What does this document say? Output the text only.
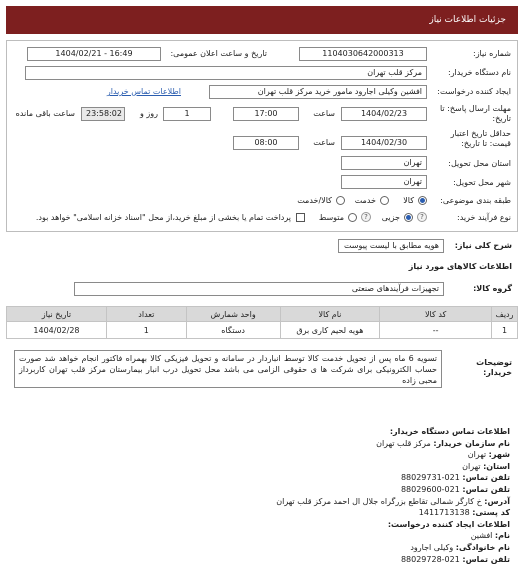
جزئیات اطلاعات نیاز
شماره نیاز:
1104030642000313
تاریخ و ساعت اعلان عمومی:
1404/02/21 - 16:49
نام دستگاه خریدار:
مرکز قلب تهران
ایجاد کننده درخواست:
افشین وکیلی اجارود مامور خرید مرکز قلب تهران
اطلاعات تماس خریدار
مهلت ارسال پاسخ: تا تاریخ:
1404/02/23
ساعت
17:00
1
روز و
23:58:02
ساعت باقی مانده
حداقل تاریخ اعتبار قیمت: تا تاریخ:
1404/02/30
ساعت
08:00
استان محل تحویل:
تهران
شهر محل تحویل:
تهران
طبقه بندی موضوعی:
کالا
خدمت
کالا/خدمت
نوع فرآیند خرید:
?
جزیی
?
متوسط
پرداخت تمام یا بخشی از مبلغ خرید،از محل "اسناد خزانه اسلامی" خواهد بود.
شرح کلی نیاز:
هویه مطابق با لیست پیوست
اطلاعات کالاهای مورد نیاز
گروه کالا:
تجهیزات فرآیندهای صنعتی
ردیف	کد کالا	نام کالا	واحد شمارش	تعداد	تاریخ نیاز
1	--	هویه لحیم کاری برق	دستگاه	1	1404/02/28
توضیحات خریدار:
تسویه 6 ماه پس از تحویل خدمت کالا توسط انباردار در سامانه و تحویل فیزیکی کالا بهمراه فاکتور انجام خواهد شد صورت حساب الکترونیکی برای شرکت ها ی حقوقی الزامی می باشد محل تحویل درب انبار بیمارستان مرکز قلب تهران کاربرداز محبی زاده
اطلاعات تماس دستگاه خریدار:
نام سازمان خریدار: مرکز قلب تهران
شهر: تهران
استان: تهران
تلفن تماس: 021-88029731
تلفن تماس: 021-88029600
آدرس: خ کارگر شمالی تقاطع بزرگراه جلال ال احمد مرکز قلب تهران
کد پستی: 1411713138
اطلاعات ایجاد کننده درخواست:
نام: افشین
نام خانوادگی: وکیلی اجارود
تلفن تماس: 021-88029728
